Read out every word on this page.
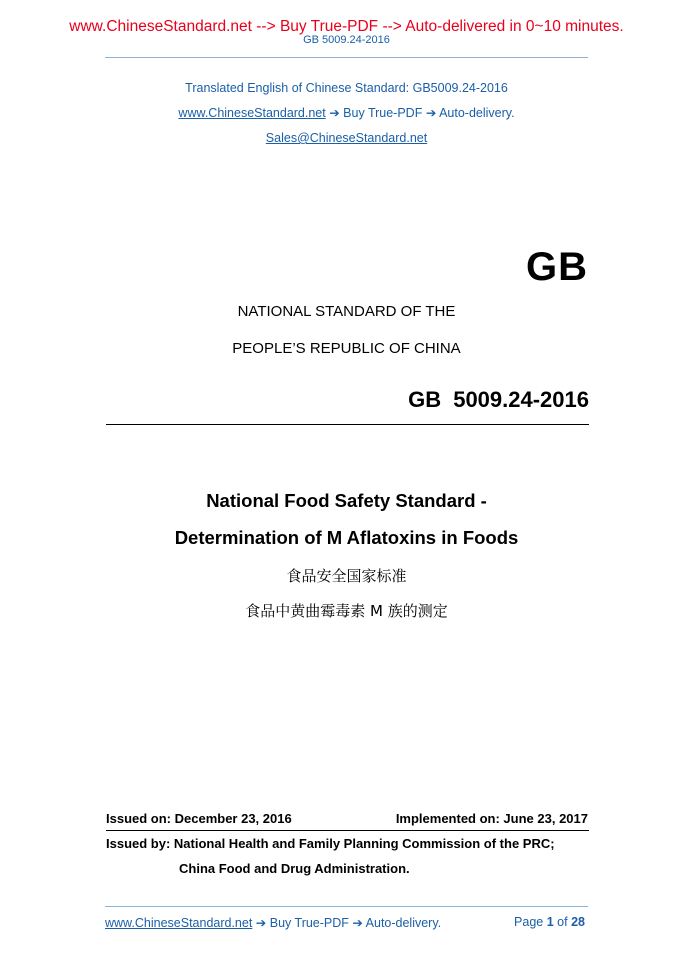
www.ChineseStandard.net --> Buy True-PDF --> Auto-delivered in 0~10 minutes.
GB 5009.24-2016
Translated English of Chinese Standard: GB5009.24-2016
www.ChineseStandard.net ➔ Buy True-PDF ➔ Auto-delivery.
Sales@ChineseStandard.net
GB
NATIONAL STANDARD OF THE
PEOPLE’S REPUBLIC OF CHINA
GB 5009.24-2016
National Food Safety Standard -
Determination of M Aflatoxins in Foods
食品安全国家标准
食品中黄曲霉毒素 M 族的测定
Issued on: December 23, 2016	Implemented on: June 23, 2017
Issued by: National Health and Family Planning Commission of the PRC;
China Food and Drug Administration.
www.ChineseStandard.net ➔ Buy True-PDF ➔ Auto-delivery.	Page 1 of 28
